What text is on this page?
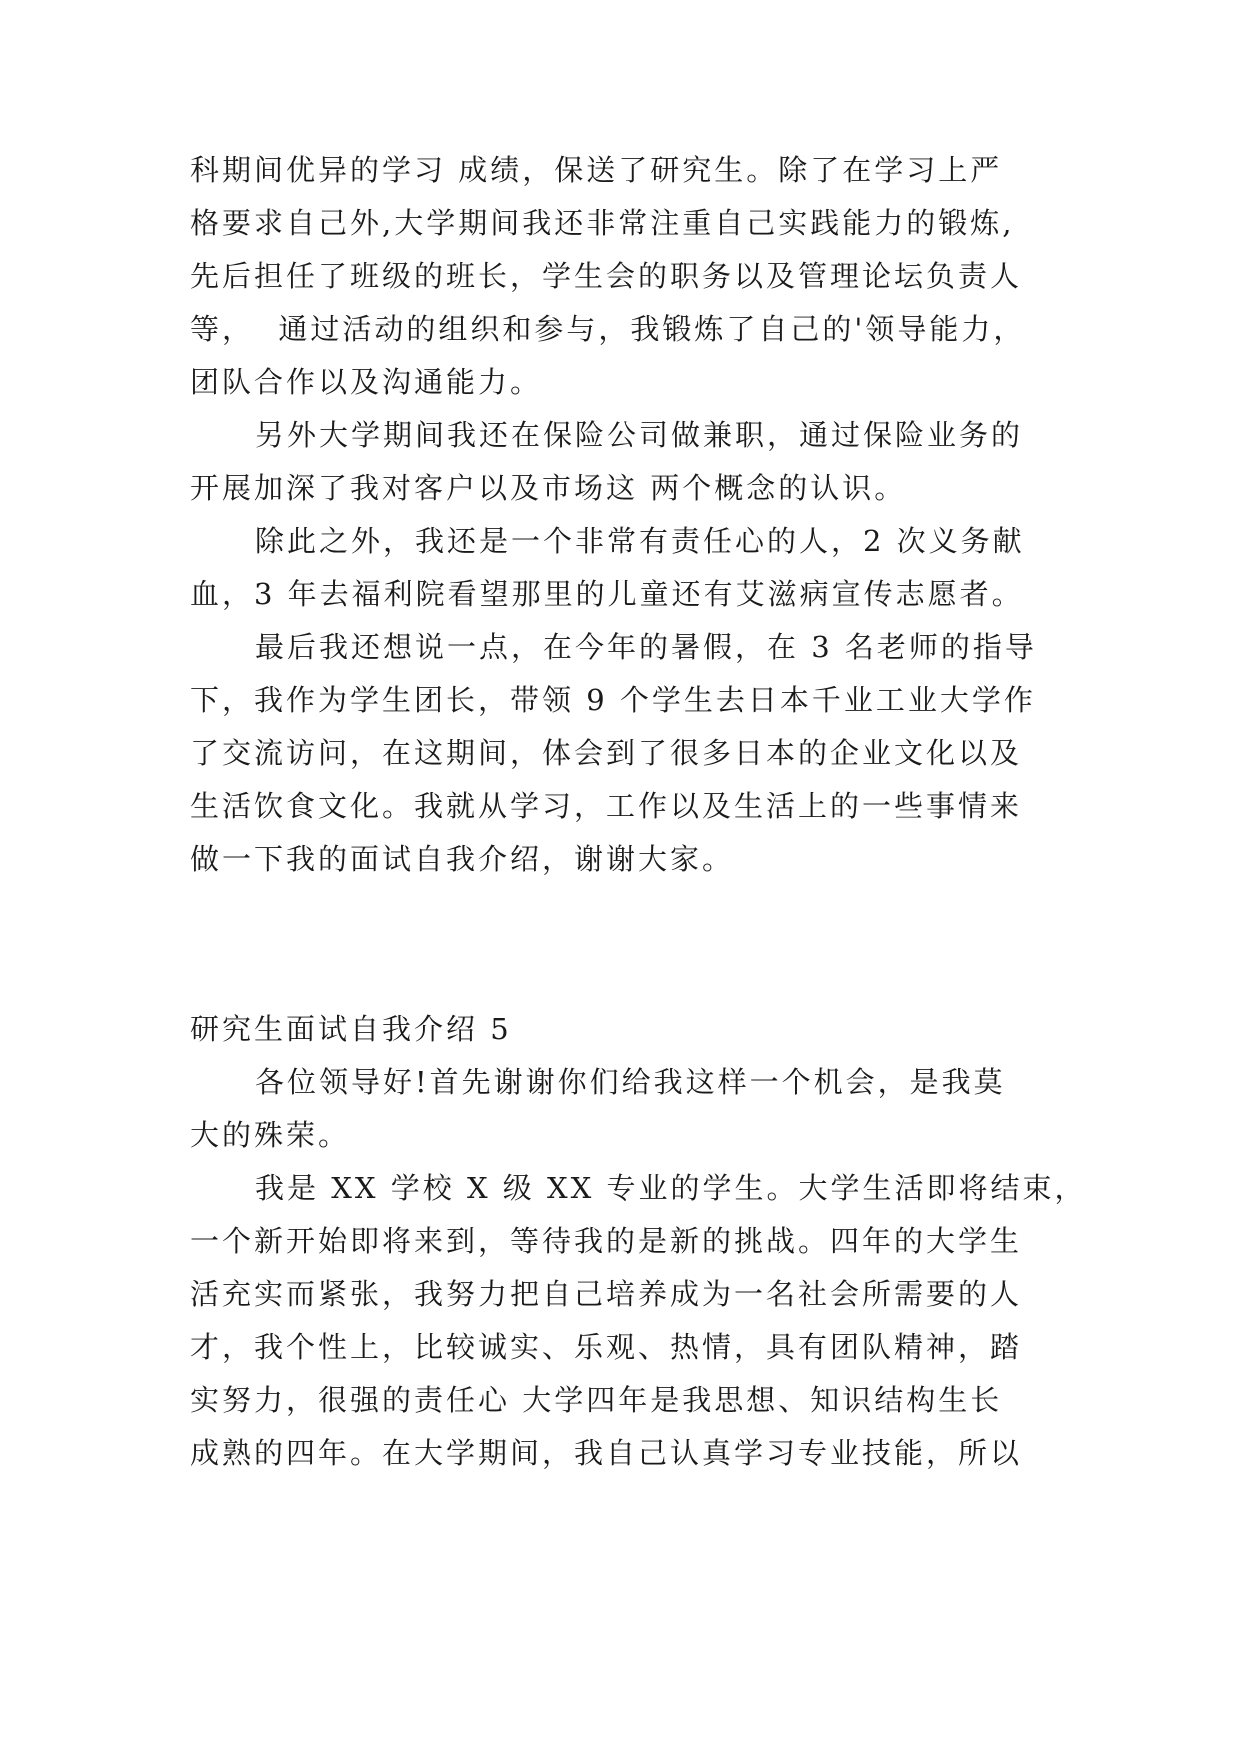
科期间优异的学习 成绩，保送了研究生。除了在学习上严
格要求自己外,大学期间我还非常注重自己实践能力的锻炼,
先后担任了班级的班长，学生会的职务以及管理论坛负责人
等，  通过活动的组织和参与，我锻炼了自己的'领导能力，
团队合作以及沟通能力。
另外大学期间我还在保险公司做兼职，通过保险业务的
开展加深了我对客户以及市场这 两个概念的认识。
除此之外，我还是一个非常有责任心的人，2 次义务献
血，3 年去福利院看望那里的儿童还有艾滋病宣传志愿者。
最后我还想说一点，在今年的暑假，在 3 名老师的指导
下，我作为学生团长，带领 9 个学生去日本千业工业大学作
了交流访问，在这期间，体会到了很多日本的企业文化以及
生活饮食文化。我就从学习，工作以及生活上的一些事情来
做一下我的面试自我介绍，谢谢大家。
研究生面试自我介绍 5
各位领导好!首先谢谢你们给我这样一个机会，是我莫
大的殊荣。
我是 XX 学校 X 级 XX 专业的学生。大学生活即将结束，
一个新开始即将来到，等待我的是新的挑战。四年的大学生
活充实而紧张，我努力把自己培养成为一名社会所需要的人
才，我个性上，比较诚实、乐观、热情，具有团队精神，踏
实努力，很强的责任心 大学四年是我思想、知识结构生长
成熟的四年。在大学期间，我自己认真学习专业技能，所以
